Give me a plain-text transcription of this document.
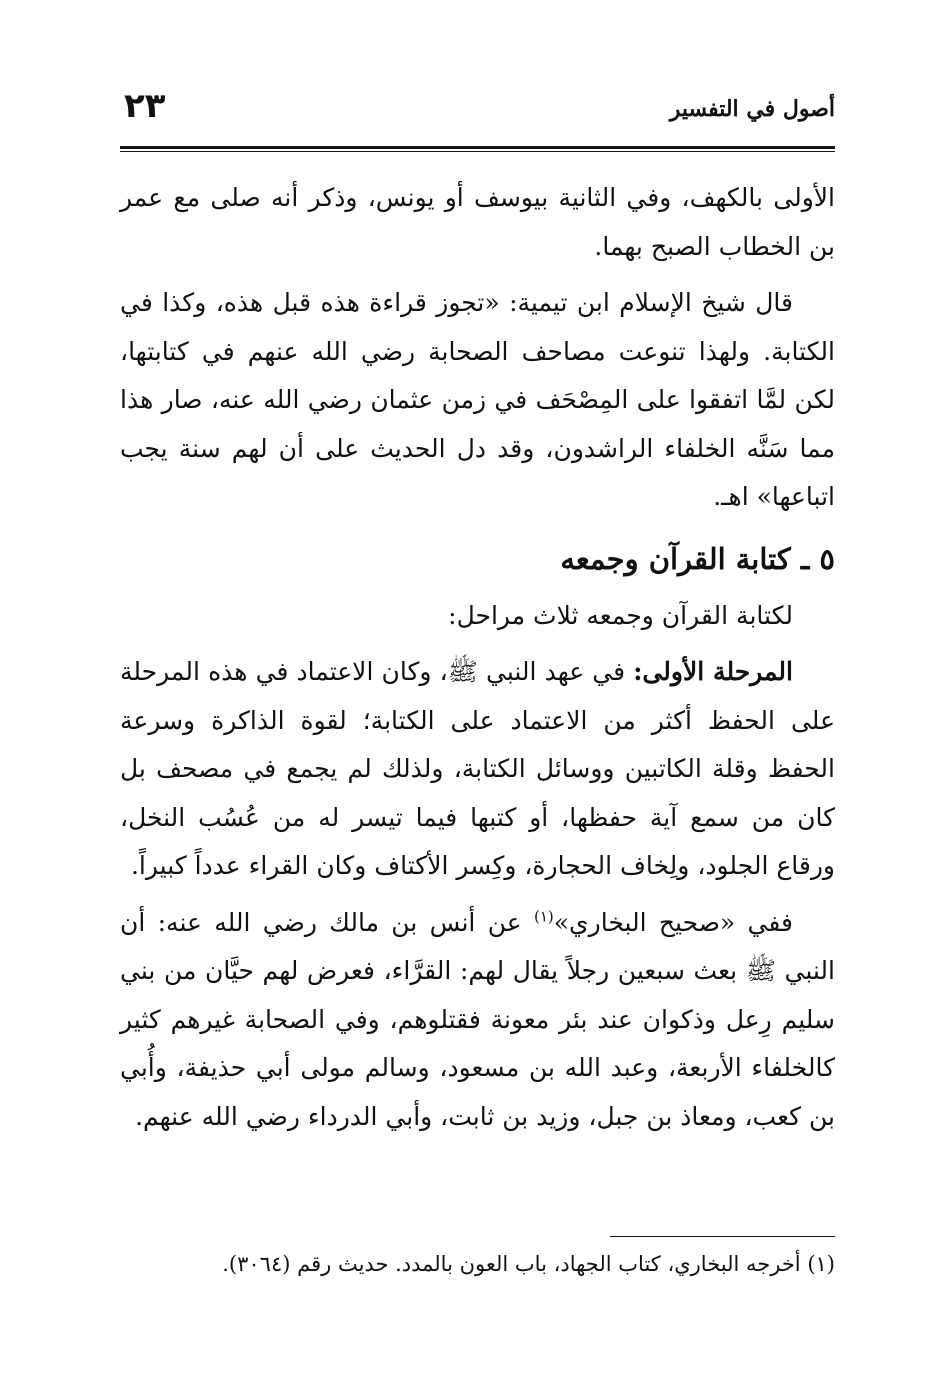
أصول في التفسير
٢٣

الأولى بالكهف، وفي الثانية بيوسف أو يونس، وذكر أنه صلى مع عمر بن الخطاب الصبح بهما.

قال شيخ الإسلام ابن تيمية: «تجوز قراءة هذه قبل هذه، وكذا في الكتابة. ولهذا تنوعت مصاحف الصحابة رضي الله عنهم في كتابتها، لكن لمَّا اتفقوا على المِصْحَف في زمن عثمان رضي الله عنه، صار هذا مما سَنَّه الخلفاء الراشدون، وقد دل الحديث على أن لهم سنة يجب اتباعها» اهـ.

٥ ـ كتابة القرآن وجمعه

لكتابة القرآن وجمعه ثلاث مراحل:

المرحلة الأولى: في عهد النبي ﷺ، وكان الاعتماد في هذه المرحلة على الحفظ أكثر من الاعتماد على الكتابة؛ لقوة الذاكرة وسرعة الحفظ وقلة الكاتبين ووسائل الكتابة، ولذلك لم يجمع في مصحف بل كان من سمع آية حفظها، أو كتبها فيما تيسر له من عُسُب النخل، ورقاع الجلود، ولِخاف الحجارة، وكِسر الأكتاف وكان القراء عدداً كبيراً.

ففي «صحيح البخاري»$^{(١)}$ عن أنس بن مالك رضي الله عنه: أن النبي ﷺ بعث سبعين رجلاً يقال لهم: القرَّاء، فعرض لهم حيَّان من بني سليم رِعل وذكوان عند بئر معونة فقتلوهم، وفي الصحابة غيرهم كثير كالخلفاء الأربعة، وعبد الله بن مسعود، وسالم مولى أبي حذيفة، وأُبي بن كعب، ومعاذ بن جبل، وزيد بن ثابت، وأبي الدرداء رضي الله عنهم.

(١) أخرجه البخاري، كتاب الجهاد، باب العون بالمدد. حديث رقم (٣٠٦٤).
